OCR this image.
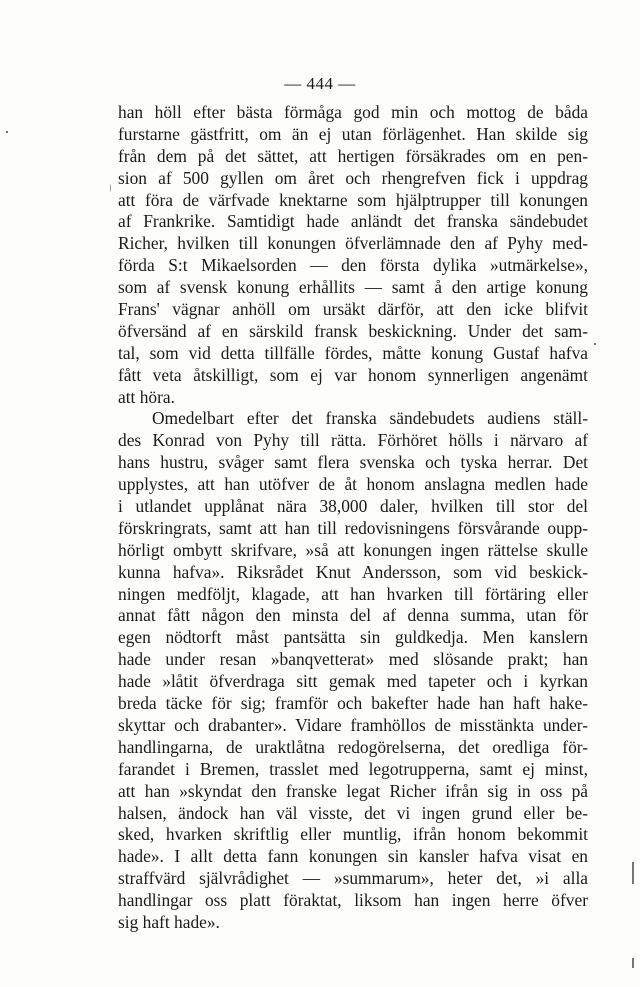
— 444 —
han höll efter bästa förmåga god min och mottog de båda
furstarne gästfritt, om än ej utan förlägenhet. Han skilde sig
från dem på det sättet, att hertigen försäkrades om en pen-
sion af 500 gyllen om året och rhengrefven fick i uppdrag
att föra de värfvade knektarne som hjälptrupper till konungen
af Frankrike. Samtidigt hade anländt det franska sändebudet
Richer, hvilken till konungen öfverlämnade den af Pyhy med-
förda S:t Mikaelsorden — den första dylika »utmärkelse»,
som af svensk konung erhållits — samt å den artige konung
Frans' vägnar anhöll om ursäkt därför, att den icke blifvit
öfversänd af en särskild fransk beskickning. Under det sam-
tal, som vid detta tillfälle fördes, måtte konung Gustaf hafva
fått veta åtskilligt, som ej var honom synnerligen angenämt
att höra.
Omedelbart efter det franska sändebudets audiens ställ-
des Konrad von Pyhy till rätta. Förhöret hölls i närvaro af
hans hustru, svåger samt flera svenska och tyska herrar. Det
upplystes, att han utöfver de åt honom anslagna medlen hade
i utlandet upplånat nära 38,000 daler, hvilken till stor del
förskringrats, samt att han till redovisningens försvårande oupp-
hörligt ombytt skrifvare, »så att konungen ingen rättelse skulle
kunna hafva». Riksrådet Knut Andersson, som vid beskick-
ningen medföljt, klagade, att han hvarken till förtäring eller
annat fått någon den minsta del af denna summa, utan för
egen nödtorft måst pantsätta sin guldkedja. Men kanslern
hade under resan »banqvetterat» med slösande prakt; han
hade »låtit öfverdraga sitt gemak med tapeter och i kyrkan
breda täcke för sig; framför och bakefter hade han haft hake-
skyttar och drabanter». Vidare framhöllos de misstänkta under-
handlingarna, de uraktlåtna redogörelserna, det oredliga för-
farandet i Bremen, trasslet med legotrupperna, samt ej minst,
att han »skyndat den franske legat Richer ifrån sig in oss på
halsen, ändock han väl visste, det vi ingen grund eller be-
sked, hvarken skriftlig eller muntlig, ifrån honom bekommit
hade». I allt detta fann konungen sin kansler hafva visat en
straffvärd självrådighet — »summarum», heter det, »i alla
handlingar oss platt föraktat, liksom han ingen herre öfver
sig haft hade».
